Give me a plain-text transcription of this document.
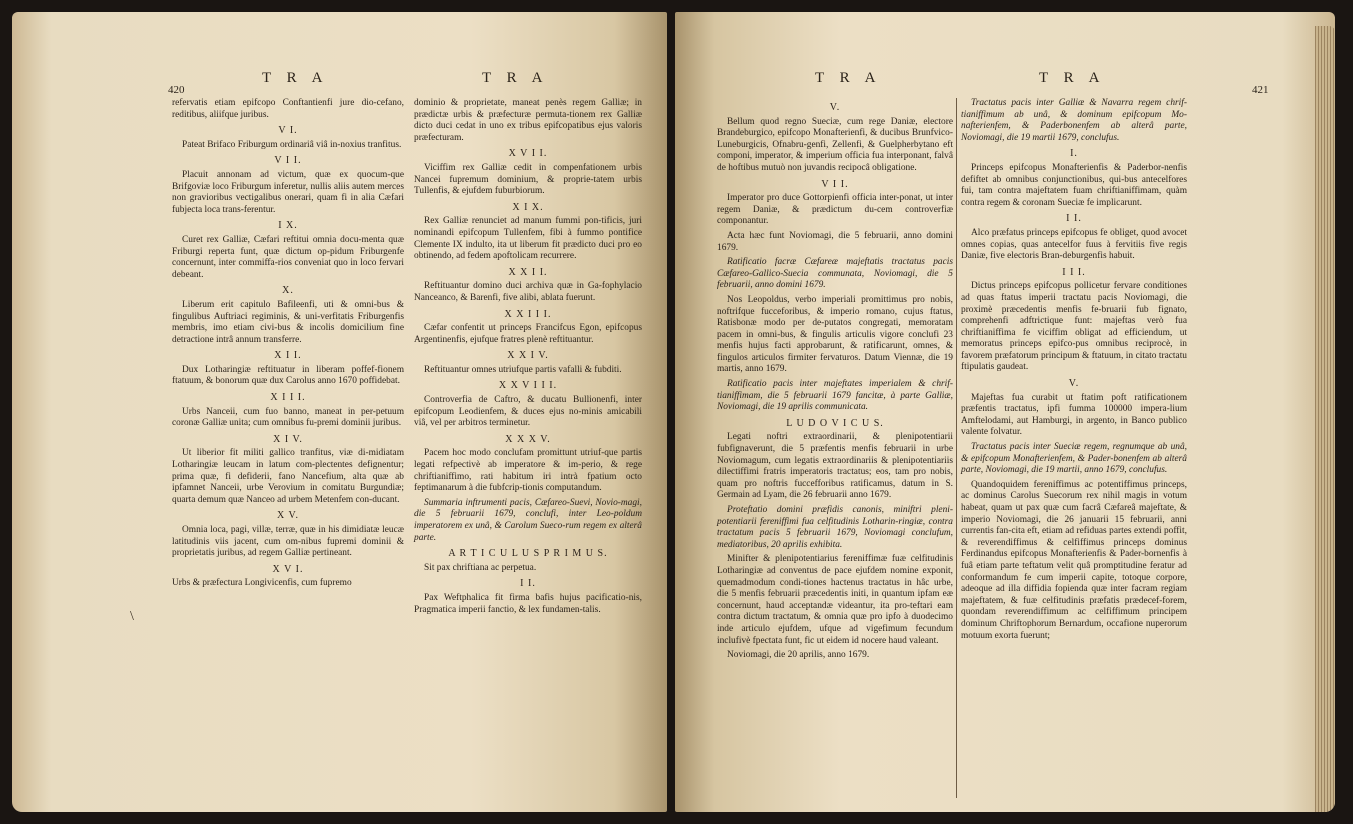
420
T R A	T R A

refervatis etiam epifcopo Conftantienfi jure dio-cefano, reditibus, aliifque juribus.

V I.

Pateat Brifaco Friburgum ordinariâ viâ in-noxius tranfitus.

V I I.

Placuit annonam ad victum, quæ ex quocum-que Brifgoviæ loco Friburgum inferetur, nullis aliis autem merces non gravioribus vectigalibus onerari, quam fi in alia Cæfari fubjecta loca trans-ferentur.

I X.

Curet rex Galliæ, Cæfari reftitui omnia docu-menta quæ Friburgi reperta funt, quæ dictum op-pidum Friburgenfe concernunt, inter commiffa-rios conveniat quo in loco fervari debeant.

X.

Liberum erit capitulo Bafileenfi, uti & omni-bus & fingulibus Auftriaci regiminis, & uni-verfitatis Friburgenfis membris, imo etiam civi-bus & incolis domicilium fine detractione intrâ annum transferre.

X I I.

Dux Lotharingiæ reftituatur in liberam poffef-fionem ftatuum, & bonorum quæ dux Carolus anno 1670 poffidebat.

X I I I.

Urbs Nanceii, cum fuo banno, maneat in per-petuum coronæ Galliæ unita; cum omnibus fu-premi dominii juribus.

X I V.

Ut liberior fit militi gallico tranfitus, viæ di-midiatam Lotharingiæ leucam in latum com-plectentes defignentur; prima quæ, fi defiderii, fano Nancefium, alta quæ ab ipfamnet Nanceii, urbe Verovium in comitatu Burgundiæ; quarta demum quæ Nanceo ad urbem Metenfem con-ducant.

X V.

Omnia loca, pagi, villæ, terræ, quæ in his dimidiatæ leucæ latitudinis viis jacent, cum om-nibus fupremi dominii & proprietatis juribus, ad regem Galliæ pertineant.

X V I.

Urbs & præfectura Longivicenfis, cum fupremo

dominio & proprietate, maneat penès regem Galliæ; in prædictæ urbis & præfecturæ permuta-tionem rex Galliæ dicto duci cedat in uno ex tribus epifcopatibus ejus valoris præfecturam.

X V I I.

Viciffim rex Galliæ cedit in compenfationem urbis Nancei fupremum dominium, & proprie-tatem urbis Tullenfis, & ejufdem fuburbiorum.

X I X.

Rex Galliæ renunciet ad manum fummi pon-tificis, juri nominandi epifcopum Tullenfem, fibi à fummo pontifice Clemente IX indulto, ita ut liberum fit prædicto duci pro eo obtinendo, ad fedem apoftolicam recurrere.

X X I I.

Reftituantur domino duci archiva quæ in Ga-fophylacio Nanceanco, & Barenfi, five alibi, ablata fuerunt.

X X I I I.

Cæfar confentit ut princeps Francifcus Egon, epifcopus Argentinenfis, ejufque fratres plenè reftituantur.

X X I V.

Reftituantur omnes utriufque partis vafalli & fubditi.

X X V I I I.

Controverfia de Caftro, & ducatu Bullionenfi, inter epifcopum Leodienfem, & duces ejus no-minis amicabili viâ, vel per arbitros terminetur.

X X X V.

Pacem hoc modo conclufam promittunt utriuf-que partis legati refpectivè ab imperatore & im-perio, & rege chriftianiffimo, rati habitum iri intrà fpatium octo feptimanarum à die fubfcrip-tionis computandum.

Summaria inftrumenti pacis, Cæfareo-Suevi, Novio-magi, die 5 februarii 1679, conclufi, inter Leo-poldum imperatorem ex unâ, & Carolum Sueco-rum regem ex alterâ parte.

A R T I C U L U S P R I M U S.

Sit pax chriftiana ac perpetua.

I I.

Pax Weftphalica fit firma bafis hujus pacificatio-nis, Pragmatica imperii fanctio, & lex fundamen-talis.

\
T R A	T R A
421

V.

Bellum quod regno Sueciæ, cum rege Daniæ, electore Brandeburgico, epifcopo Monafterienfi, & ducibus Brunfvico-Luneburgicis, Ofnabru-genfi, Zellenfi, & Guelpherbytano eft componi, imperator, & imperium officia fua interponant, falvâ de hoftibus mutuò non juvandis recipocâ obligatione.

V I I.

Imperator pro duce Gottorpienfi officia inter-ponat, ut inter regem Daniæ, & prædictum du-cem controverfiæ componantur.

Acta hæc funt Noviomagi, die 5 februarii, anno domini 1679.

Ratificatio facræ Cæfareæ majeftatis tractatus pacis Cæfareo-Gallico-Suecia communata, Noviomagi, die 5 februarii, anno domini 1679.

Nos Leopoldus, verbo imperiali promittimus pro nobis, noftrifque fucceforibus, & imperio romano, cujus ftatus, Ratisbonæ modo per de-putatos congregati, memoratam pacem in omni-bus, & fingulis articulis vigore conclufi 23 menfis hujus facti approbarunt, & ratificarunt, omnes, & fingulos articulos firmiter fervaturos. Datum Viennæ, die 19 martis, anno 1679.

Ratificatio pacis inter majeftates imperialem & chrif-tianiffimam, die 5 februarii 1679 fancitæ, à parte Galliæ, Noviomagi, die 19 aprilis communicata.

L U D O V I C U S.

Legati noftri extraordinarii, & plenipotentiarii fubfignaverunt, die 5 præfentis menfis februarii in urbe Noviomagum, cum legatis extraordinariis & plenipotentiariis dilectiffimi fratris imperatoris tractatus; eos, tam pro nobis, quam pro noftris fuccefforibus ratificamus, datum in S. Germain ad Lyam, die 26 februarii anno 1679.

Proteftatio domini præfidis canonis, miniftri pleni-potentiarii fereniffimi fua celfitudinis Lotharin-ringiæ, contra tractatum pacis 5 februarii 1679, Noviomagi conclufum, mediatoribus, 20 aprilis exhibita.

Minifter & plenipotentiarius fereniffimæ fuæ celfitudinis Lotharingiæ ad conventus de pace ejufdem nomine exponit, quemadmodum condi-tiones hactenus tractatus in hâc urbe, die 5 menfis februarii præcedentis initi, in quantum ipfam eæ concernunt, haud acceptandæ videantur, ita pro-teftari eam contra dictum tractatum, & omnia quæ pro ipfo à duodecimo inde articulo ejufdem, ufque ad vigefimum fecundum inclufivè fpectata funt, fic ut eidem id nocere haud valeant.

Noviomagi, die 20 aprilis, anno 1679.

Tractatus pacis inter Galliæ & Navarra regem chrif-tianiffimum ab unâ, & dominum epifcopum Mo-nafterienfem, & Paderbonenfem ab alterâ parte, Noviomagi, die 19 martii 1679, conclufus.

I.

Princeps epifcopus Monafterienfis & Paderbor-nenfis defiftet ab omnibus conjunctionibus, qui-bus antecelfores fui, tam contra majeftatem fuam chriftianiffimam, quàm contra regem & coronam Sueciæ fe implicarunt.

I I.

Alco præfatus princeps epifcopus fe obliget, quod avocet omnes copias, quas antecelfor fuus à fervitiis five regis Daniæ, five electoris Bran-deburgenfis habuit.

I I I.

Dictus princeps epifcopus pollicetur fervare conditiones ad quas ftatus imperii tractatu pacis Noviomagi, die proximè præcedentis menfis fe-bruarii fub fignato, comprehenfi adftrictique funt: majeftas verò fua chriftianiffima fe viciffim obligat ad efficiendum, ut memoratus princeps epifco-pus omnibus reciprocè, in favorem præfatorum principum & ftatuum, in citato tractatu ftipulatis gaudeat.

V.

Majeftas fua curabit ut ftatim poft ratificationem præfentis tractatus, ipfi fumma 100000 impera-lium Amftelodami, aut Hamburgi, in argento, in Banco publico valente folvatur.

Tractatus pacis inter Sueciæ regem, regnumque ab unâ, & epifcopum Monafterienfem, & Pader-bonenfem ab alterâ parte, Noviomagi, die 19 martii, anno 1679, conclufus.

Quandoquidem fereniffimus ac potentiffimus princeps, ac dominus Carolus Suecorum rex nihil magis in votum habeat, quam ut pax quæ cum facrâ Cæfareâ majeftate, & imperio Noviomagi, die 26 januarii 15 februarii, anni currentis fan-cita eft, etiam ad refiduas partes extendi poffit, & reverendiffimus & celfiffimus princeps dominus Ferdinandus epifcopus Monafterienfis & Pader-bornenfis à fuâ etiam parte teftatum velit quâ promptitudine feratur ad conformandum fe cum imperii capite, totoque corpore, adeoque ad illa diffidia fopienda quæ inter facram regiam majeftatem, & fuæ celfitudinis præfatis prædecef-forem, quondam reverendiffimum ac celfiffimum principem dominum Chriftophorum Bernardum, occafione nuperorum motuum exorta fuerunt;
